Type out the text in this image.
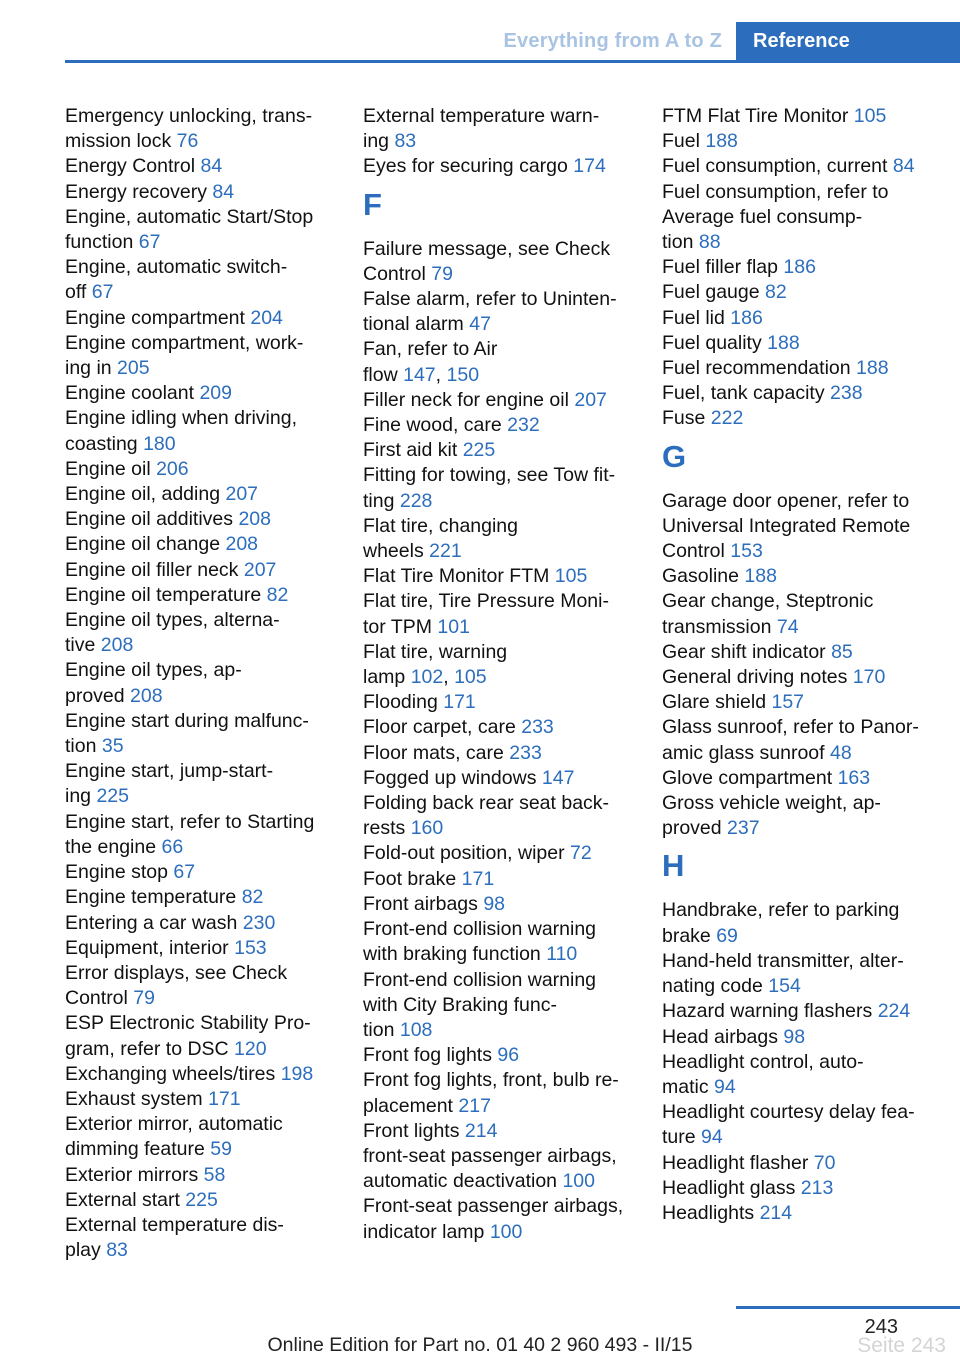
Everything from A to Z Reference
Emergency unlocking, trans-
mission lock 76
Energy Control 84
Energy recovery 84
Engine, automatic Start/Stop
function 67
Engine, automatic switch-
off 67
Engine compartment 204
Engine compartment, work-
ing in 205
Engine coolant 209
Engine idling when driving,
coasting 180
Engine oil 206
Engine oil, adding 207
Engine oil additives 208
Engine oil change 208
Engine oil filler neck 207
Engine oil temperature 82
Engine oil types, alterna-
tive 208
Engine oil types, ap-
proved 208
Engine start during malfunc-
tion 35
Engine start, jump-start-
ing 225
Engine start, refer to Starting
the engine 66
Engine stop 67
Engine temperature 82
Entering a car wash 230
Equipment, interior 153
Error displays, see Check
Control 79
ESP Electronic Stability Pro-
gram, refer to DSC 120
Exchanging wheels/tires 198
Exhaust system 171
Exterior mirror, automatic
dimming feature 59
Exterior mirrors 58
External start 225
External temperature dis-
play 83
External temperature warn-
ing 83
Eyes for securing cargo 174
F
Failure message, see Check
Control 79
False alarm, refer to Uninten-
tional alarm 47
Fan, refer to Air
flow 147, 150
Filler neck for engine oil 207
Fine wood, care 232
First aid kit 225
Fitting for towing, see Tow fit-
ting 228
Flat tire, changing
wheels 221
Flat Tire Monitor FTM 105
Flat tire, Tire Pressure Moni-
tor TPM 101
Flat tire, warning
lamp 102, 105
Flooding 171
Floor carpet, care 233
Floor mats, care 233
Fogged up windows 147
Folding back rear seat back-
rests 160
Fold-out position, wiper 72
Foot brake 171
Front airbags 98
Front-end collision warning
with braking function 110
Front-end collision warning
with City Braking func-
tion 108
Front fog lights 96
Front fog lights, front, bulb re-
placement 217
Front lights 214
front-seat passenger airbags,
automatic deactivation 100
Front-seat passenger airbags,
indicator lamp 100
FTM Flat Tire Monitor 105
Fuel 188
Fuel consumption, current 84
Fuel consumption, refer to
Average fuel consump-
tion 88
Fuel filler flap 186
Fuel gauge 82
Fuel lid 186
Fuel quality 188
Fuel recommendation 188
Fuel, tank capacity 238
Fuse 222
G
Garage door opener, refer to
Universal Integrated Remote
Control 153
Gasoline 188
Gear change, Steptronic
transmission 74
Gear shift indicator 85
General driving notes 170
Glare shield 157
Glass sunroof, refer to Panor-
amic glass sunroof 48
Glove compartment 163
Gross vehicle weight, ap-
proved 237
H
Handbrake, refer to parking
brake 69
Hand-held transmitter, alter-
nating code 154
Hazard warning flashers 224
Head airbags 98
Headlight control, auto-
matic 94
Headlight courtesy delay fea-
ture 94
Headlight flasher 70
Headlight glass 213
Headlights 214
243
Online Edition for Part no. 01 40 2 960 493 - II/15	Seite 243
